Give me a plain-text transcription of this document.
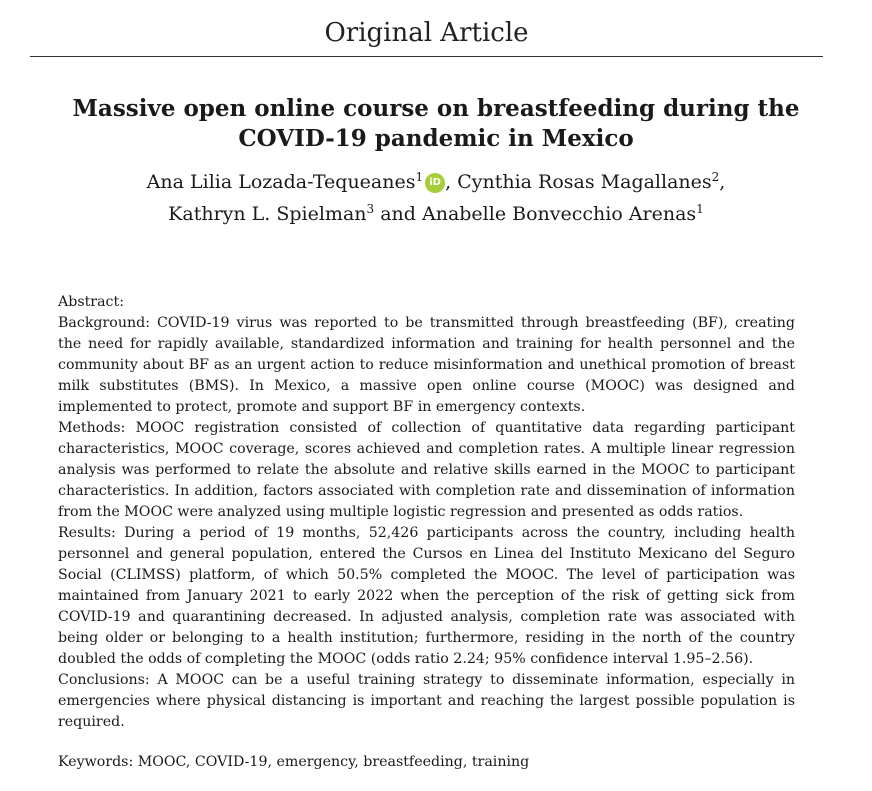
Original Article
Massive open online course on breastfeeding during the COVID-19 pandemic in Mexico
Ana Lilia Lozada-Tequeanes$^1$ iD , Cynthia Rosas Magallanes$^2$,
Kathryn L. Spielman$^3$ and Anabelle Bonvecchio Arenas$^1$

Abstract:

Background: COVID-19 virus was reported to be transmitted through breastfeeding (BF), creating the need for rapidly available, standardized information and training for health personnel and the community about BF as an urgent action to reduce misinformation and unethical promotion of breast milk substitutes (BMS). In Mexico, a massive open online course (MOOC) was designed and implemented to protect, promote and support BF in emergency contexts.

Methods: MOOC registration consisted of collection of quantitative data regarding participant characteristics, MOOC coverage, scores achieved and completion rates. A multiple linear regression analysis was performed to relate the absolute and relative skills earned in the MOOC to participant characteristics. In addition, factors associated with completion rate and dissemination of information from the MOOC were analyzed using multiple logistic regression and presented as odds ratios.

Results: During a period of 19 months, 52,426 participants across the country, including health personnel and general population, entered the Cursos en Linea del Instituto Mexicano del Seguro Social (CLIMSS) platform, of which 50.5% completed the MOOC. The level of participation was maintained from January 2021 to early 2022 when the perception of the risk of getting sick from COVID-19 and quarantining decreased. In adjusted analysis, completion rate was associated with being older or belonging to a health institution; furthermore, residing in the north of the country doubled the odds of completing the MOOC (odds ratio 2.24; 95% confidence interval 1.95–2.56).

Conclusions: A MOOC can be a useful training strategy to disseminate information, especially in emergencies where physical distancing is important and reaching the largest possible population is required.

Keywords: MOOC, COVID-19, emergency, breastfeeding, training
